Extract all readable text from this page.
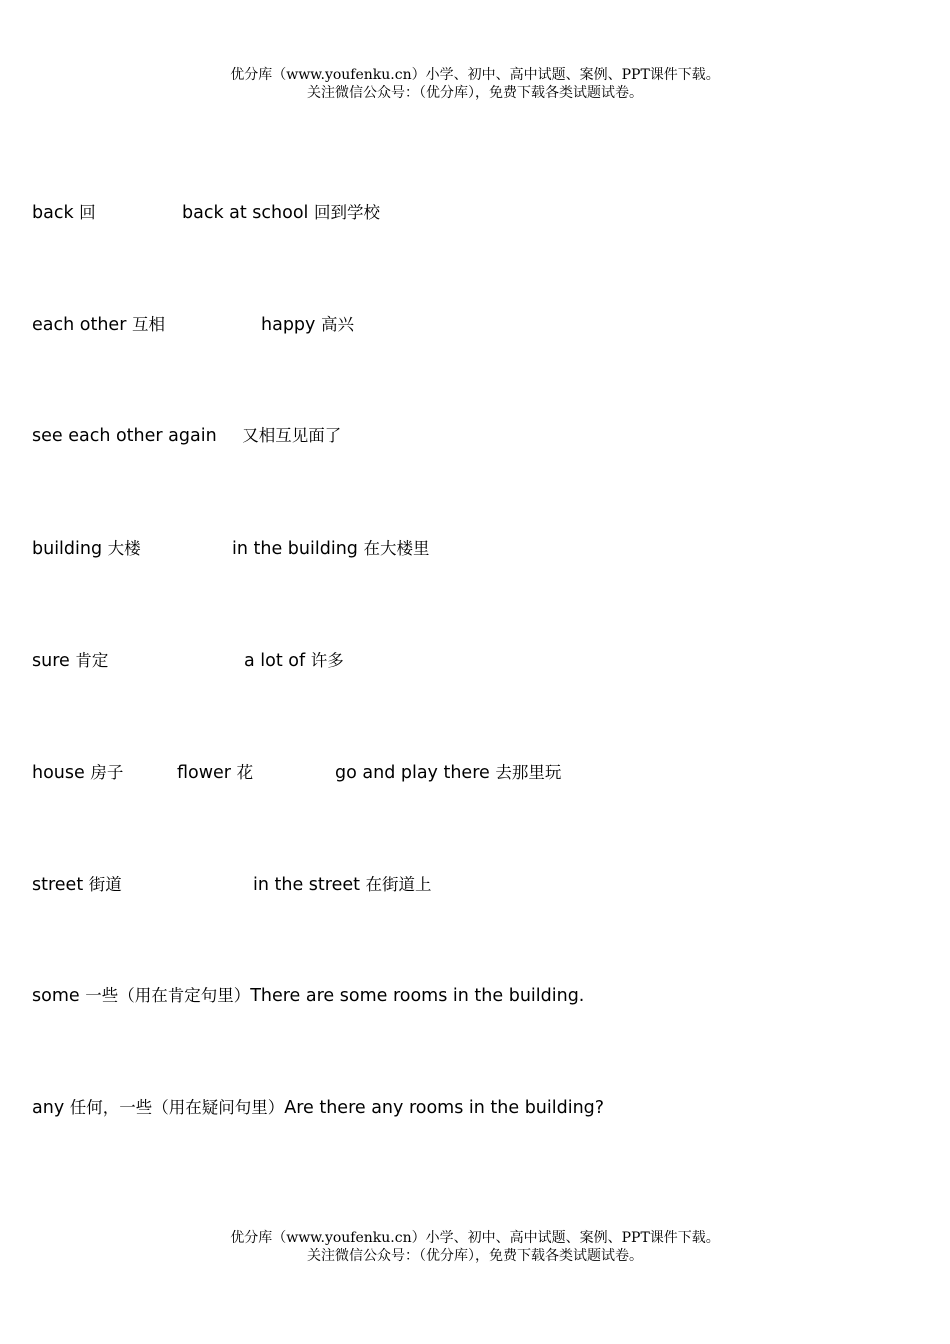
优分库（www.youfenku.cn）小学、初中、高中试题、案例、PPT课件下载。
关注微信公众号：（优分库），免费下载各类试题试卷。
back 回	back at school 回到学校
each other 互相	happy 高兴
see each other again 又相互见面了
building 大楼	in the building 在大楼里
sure 肯定	a lot of 许多
house 房子	flower 花	go and play there 去那里玩
street 街道	in the street 在街道上
some 一些（用在肯定句里）There are some rooms in the building.
any 任何，一些（用在疑问句里）Are there any rooms in the building?
优分库（www.youfenku.cn）小学、初中、高中试题、案例、PPT课件下载。
关注微信公众号：（优分库），免费下载各类试题试卷。
